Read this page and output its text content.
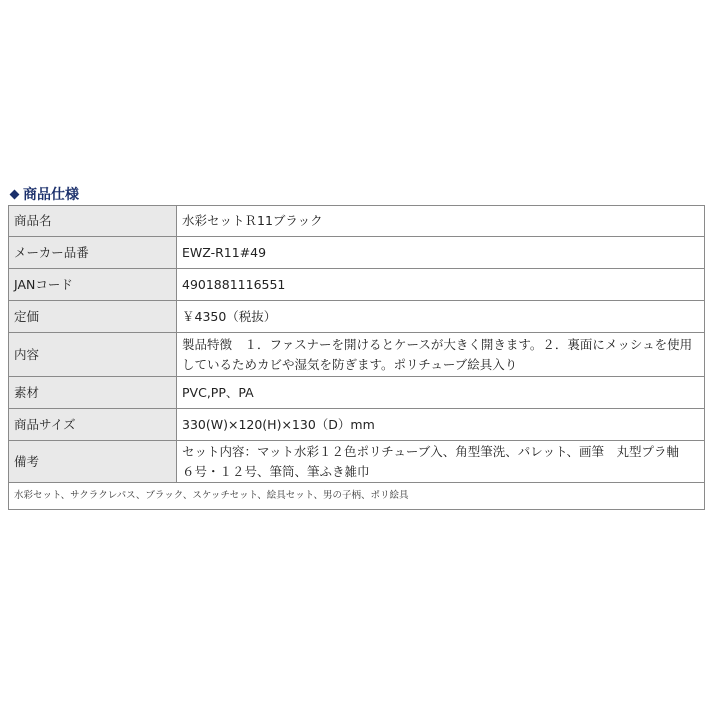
商品仕様
商品名	水彩セットＲ11ブラック
メーカー品番	EWZ-R11#49
JANコード	4901881116551
定価	￥4350（税抜）
内容	製品特徴　１．ファスナーを開けるとケースが大きく開きます。２．裏面にメッシュを使用しているためカビや湿気を防ぎます。ポリチューブ絵具入り
素材	PVC,PP、PA
商品サイズ	330(W)×120(H)×130（D）mm
備考	セット内容：マット水彩１２色ポリチューブ入、角型筆洗、パレット、画筆　丸型プラ軸　６号・１２号、筆筒、筆ふき雑巾
水彩セット、サクラクレパス、ブラック、スケッチセット、絵具セット、男の子柄、ポリ絵具	
